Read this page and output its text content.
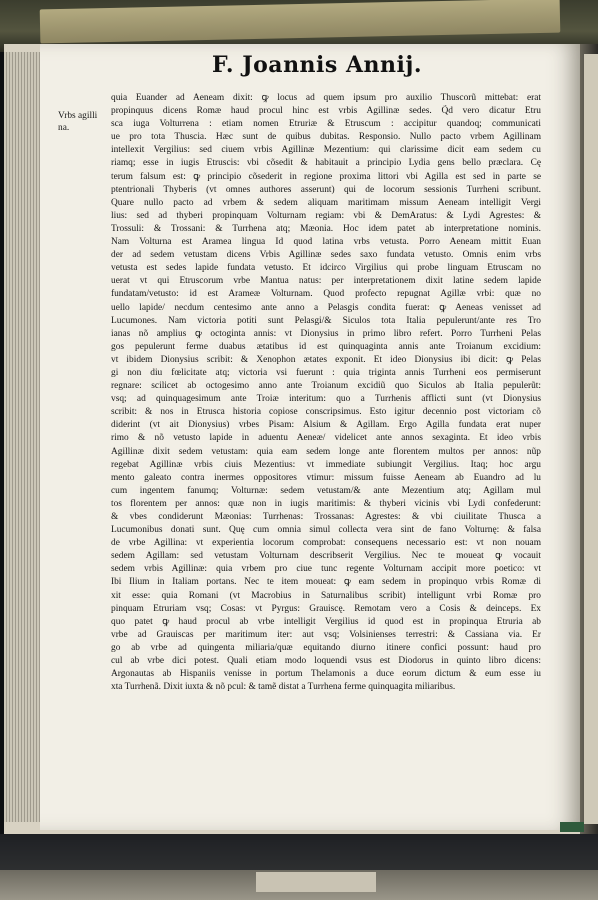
F. Joannis Annij.
Vrbs agilli
na.
quia Euander ad Aeneam dixit: ꝙ locus ad quem ipsum pro auxilio Thuscorũ mittebat: erat
propinquus dicens Romæ haud procul hinc est vrbis Agillinæ sedes. Q̃d vero dicatur Etru
sca iuga Volturrena : etiam nomen Etruriæ & Etruscum : accipitur quandoq; communicati
ue pro tota Thuscia. Hæc sunt de quibus dubitas. Responsio. Nullo pacto vrbem Agillinam
intellexit Vergilius: sed ciuem vrbis Agillinæ Mezentium: qui clarissime dicit eam sedem cu
riamq; esse in iugis Etruscis: vbi cõsedit & habitauit a principio Lydia gens bello præclara. Cę
terum falsum est: ꝙ principio cõsederit in regione proxima littori vbi Agilla est sed in parte se
ptentrionali Thyberis (vt omnes authores asserunt) qui de locorum sessionis Turrheni scribunt.
Quare nullo pacto ad vrbem & sedem aliquam maritimam missum Aeneam intelligit Vergi
lius: sed ad thyberi propinquam Volturnam regiam: vbi & DemAratus: & Lydi Agrestes: &
Trossuli: & Trossani: & Turrhena atq; Mæonia. Hoc idem patet ab interpretatione nominis.
Nam Volturna est Aramea lingua Id quod latina vrbs vetusta. Porro Aeneam mittit Euan
der ad sedem vetustam dicens Vrbis Agillinæ sedes saxo fundata vetusto. Omnis enim vrbs
vetusta est sedes lapide fundata vetusto. Et idcirco Virgilius qui probe linguam Etruscam no
uerat vt qui Etruscorum vrbe Mantua natus: per interpretationem dixit latine sedem lapide
fundatam/vetusto: id est Arameæ Volturnam. Quod profecto repugnat Agillæ vrbi: quæ no
uello lapide/ necdum centesimo ante anno a Pelasgis condita fuerat: ꝙ Aeneas venisset ad
Lucumones. Nam victoria potiti sunt Pelasgi/& Siculos tota Italia pepulerunt/ante res Tro
ianas nõ amplius ꝙ octoginta annis: vt Dionysius in primo libro refert. Porro Turrheni Pelas
gos pepulerunt ferme duabus ætatibus id est quinquaginta annis ante Troianum excidium:
vt ibidem Dionysius scribit: & Xenophon ætates exponit. Et ideo Dionysius ibi dicit: ꝙ Pelas
gi non diu fœlicitate atq; victoria vsi fuerunt : quia triginta annis Turrheni eos permiserunt
regnare: scilicet ab octogesimo anno ante Troianum excidiũ quo Siculos ab Italia pepulerũt:
vsq; ad quinquagesimum ante Troiæ interitum: quo a Turrhenis afflicti sunt (vt Dionysius
scribit: & nos in Etrusca historia copiose conscripsimus. Esto igitur decennio post victoriam cõ
diderint (vt ait Dionysius) vrbes Pisam: Alsium & Agillam. Ergo Agilla fundata erat nuper
rimo & nõ vetusto lapide in aduentu Aeneæ/ videlicet ante annos sexaginta. Et ideo vrbis
Agillinæ dixit sedem vetustam: quia eam sedem longe ante florentem multos per annos: nũp
regebat Agillinæ vrbis ciuis Mezentius: vt immediate subiungit Vergilius. Itaq; hoc argu
mento galeato contra inermes oppositores vtimur: missum fuisse Aeneam ab Euandro ad lu
cum ingentem fanumq; Volturnæ: sedem vetustam/& ante Mezentium atq; Agillam mul
tos florentem per annos: quæ non in iugis maritimis: & thyberi vicinis vbi Lydi confederunt:
& vbes condiderunt Mæonias: Turrhenas: Trossanas: Agrestes: & vbi ciuilitate Thusca a
Lucumonibus donati sunt. Quę cum omnia simul collecta vera sint de fano Volturnę: & falsa
de vrbe Agillina: vt experientia locorum comprobat: consequens necessario est: vt non nouam
sedem Agillam: sed vetustam Volturnam describserit Vergilius. Nec te moueat ꝙ vocauit
sedem vrbis Agillinæ: quia vrbem pro ciue tunc regente Volturnam accipit more poetico: vt
Ibi Ilium in Italiam portans. Nec te item moueat: ꝙ eam sedem in propinquo vrbis Romæ di
xit esse: quia Romani (vt Macrobius in Saturnalibus scribit) intelligunt vrbi Romæ pro
pinquam Etruriam vsq; Cosas: vt Pyrgus: Grauiscę. Remotam vero a Cosis & deinceps. Ex
quo patet ꝙ haud procul ab vrbe intelligit Vergilius id quod est in propinqua Etruria ab
vrbe ad Grauiscas per maritimum iter: aut vsq; Volsinienses terrestri: & Cassiana via. Er
go ab vrbe ad quingenta miliaria/quæ equitando diurno itinere confici possunt: haud pro
cul ab vrbe dici potest. Quali etiam modo loquendi vsus est Diodorus in quinto libro dicens:
Argonautas ab Hispaniis venisse in portum Thelamonis a duce eorum dictum & eum esse iu
xta Turrhenã. Dixit iuxta & nõ pcul: & tamẽ distat a Turrhena ferme quinquagita miliaribus.
